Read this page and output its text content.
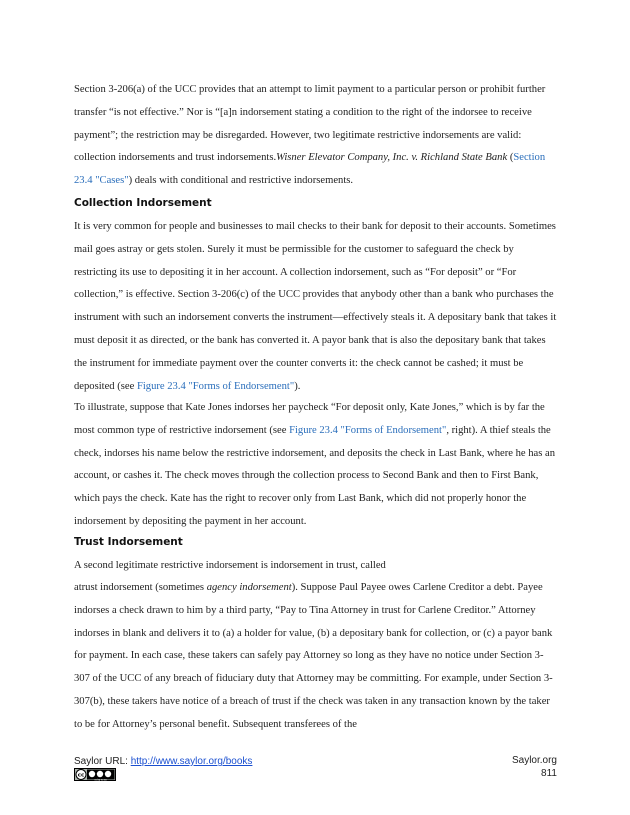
Section 3-206(a) of the UCC provides that an attempt to limit payment to a particular person or prohibit further transfer “is not effective.” Nor is “[a]n indorsement stating a condition to the right of the indorsee to receive payment”; the restriction may be disregarded. However, two legitimate restrictive indorsements are valid: collection indorsements and trust indorsements.Wisner Elevator Company, Inc. v. Richland State Bank (Section 23.4 "Cases") deals with conditional and restrictive indorsements.

Collection Indorsement

It is very common for people and businesses to mail checks to their bank for deposit to their accounts. Sometimes mail goes astray or gets stolen. Surely it must be permissible for the customer to safeguard the check by restricting its use to depositing it in her account. A collection indorsement, such as “For deposit” or “For collection,” is effective. Section 3-206(c) of the UCC provides that anybody other than a bank who purchases the instrument with such an indorsement converts the instrument—effectively steals it. A depositary bank that takes it must deposit it as directed, or the bank has converted it. A payor bank that is also the depositary bank that takes the instrument for immediate payment over the counter converts it: the check cannot be cashed; it must be deposited (see Figure 23.4 "Forms of Endorsement").

To illustrate, suppose that Kate Jones indorses her paycheck “For deposit only, Kate Jones,” which is by far the most common type of restrictive indorsement (see Figure 23.4 "Forms of Endorsement", right). A thief steals the check, indorses his name below the restrictive indorsement, and deposits the check in Last Bank, where he has an account, or cashes it. The check moves through the collection process to Second Bank and then to First Bank, which pays the check. Kate has the right to recover only from Last Bank, which did not properly honor the indorsement by depositing the payment in her account.

Trust Indorsement

A second legitimate restrictive indorsement is indorsement in trust, called

atrust indorsement (sometimes agency indorsement). Suppose Paul Payee owes Carlene Creditor a debt. Payee indorses a check drawn to him by a third party, “Pay to Tina Attorney in trust for Carlene Creditor.” Attorney indorses in blank and delivers it to (a) a holder for value, (b) a depositary bank for collection, or (c) a payor bank for payment. In each case, these takers can safely pay Attorney so long as they have no notice under Section 3-307 of the UCC of any breach of fiduciary duty that Attorney may be committing. For example, under Section 3-307(b), these takers have notice of a breach of trust if the check was taken in any transaction known by the taker to be for Attorney’s personal benefit. Subsequent transferees of the

Saylor URL: http://www.saylor.org/books
cc
cc by nc sa
Saylor.org
811
